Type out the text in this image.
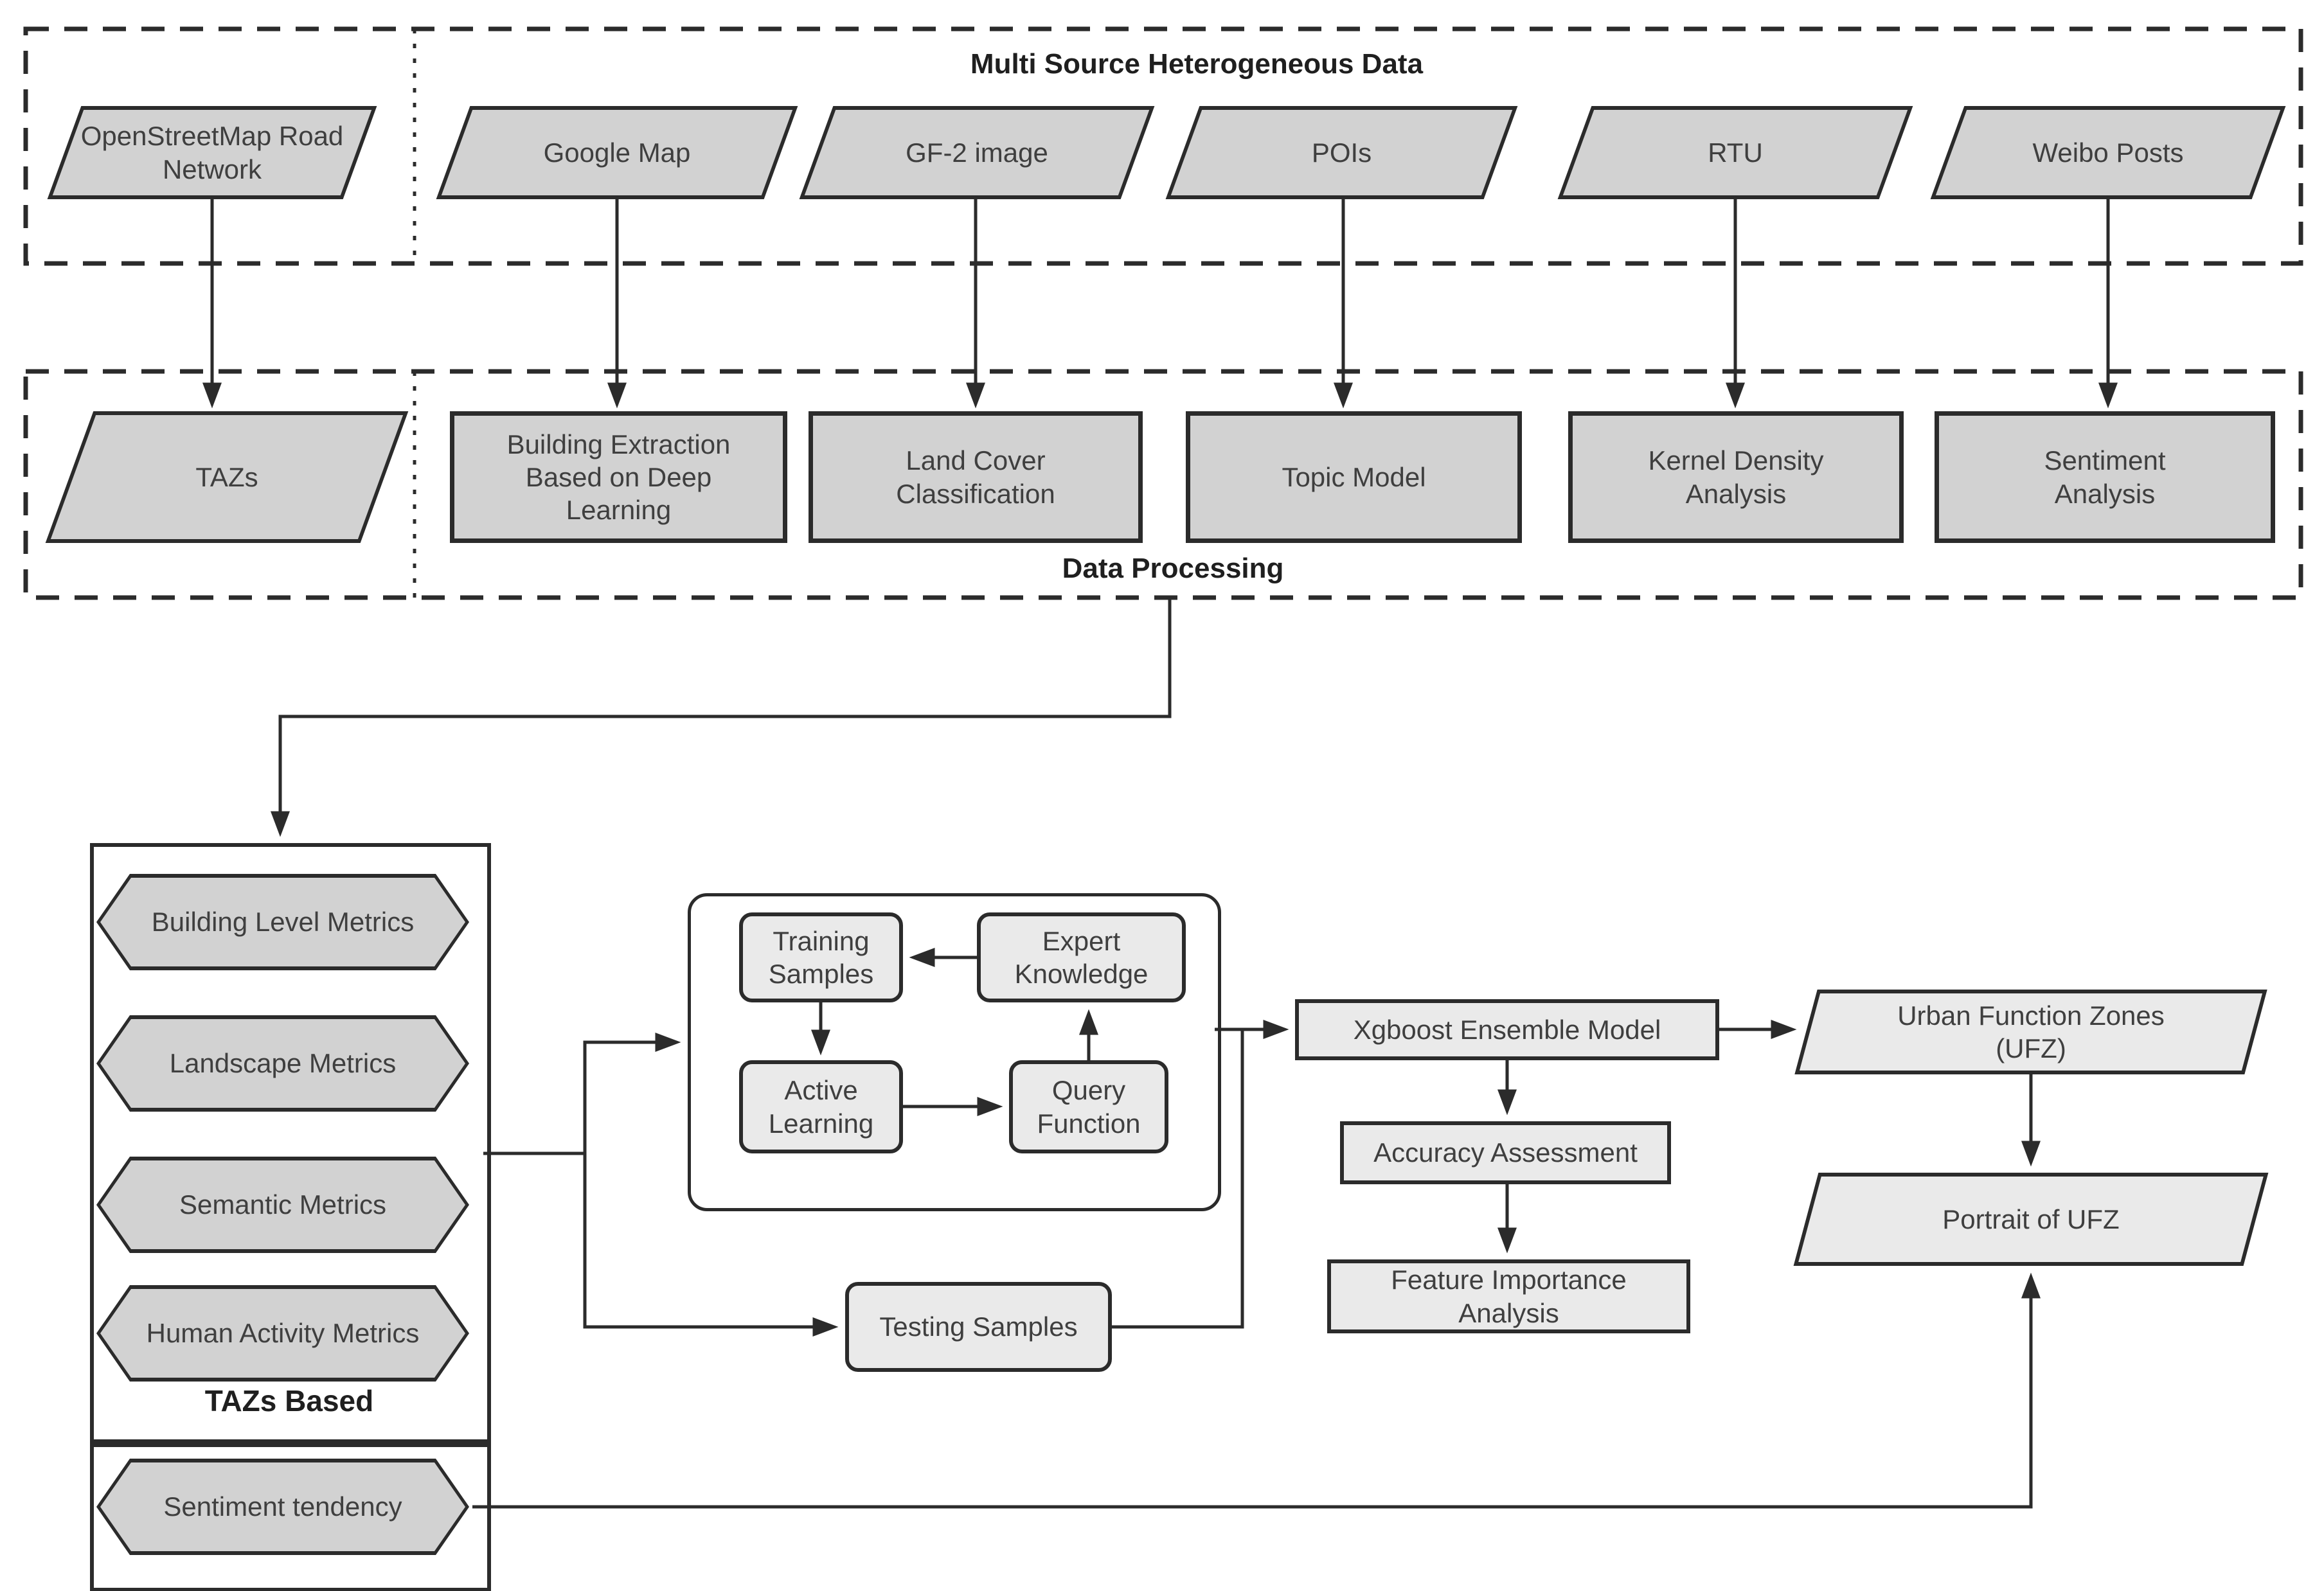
Multi Source Heterogeneous Data
Data Processing
OpenStreetMap Road Network
Google Map	GF-2 image	POIs	RTU	Weibo Posts
TAZs
Building Extraction Based on Deep Learning
Land Cover Classification
Topic Model
Kernel Density Analysis
Sentiment Analysis
TAZs Based
Building Level Metrics
Landscape Metrics
Semantic Metrics
Human Activity Metrics
Sentiment tendency
Training Samples
Expert Knowledge
Active Learning
Query Function
Testing Samples
Xgboost Ensemble Model
Accuracy Assessment
Feature Importance Analysis
Urban Function Zones (UFZ)
Portrait of UFZ
